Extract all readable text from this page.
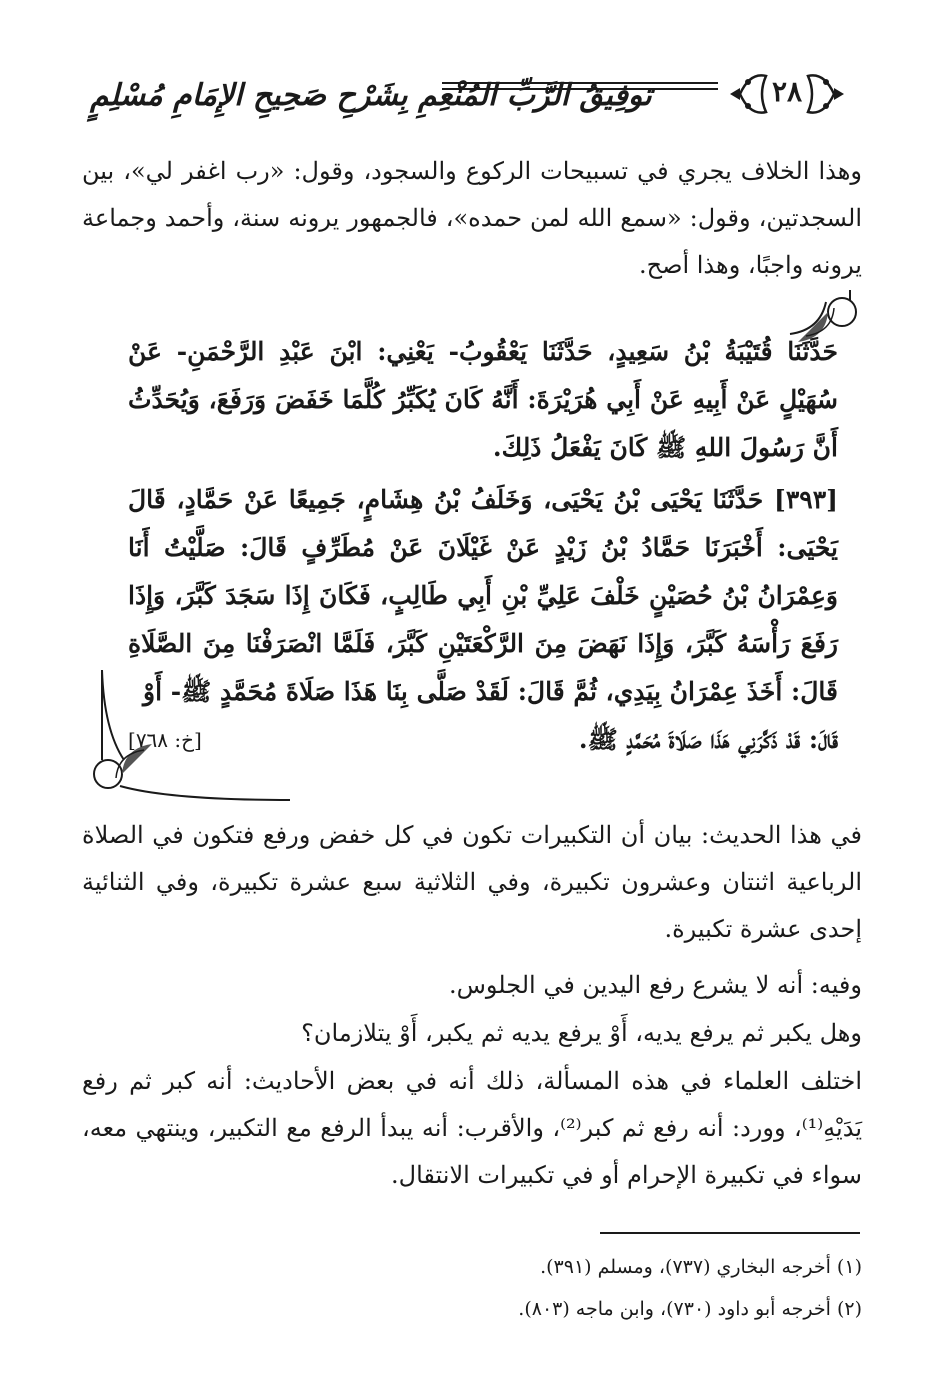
توفِيقُ الرَّبِّ المُنْعِمِ بِشَرْحِ صَحِيحِ الإِمَامِ مُسْلِمٍ	٢٨

وهذا الخلاف يجري في تسبيحات الركوع والسجود، وقول: «رب اغفر لي»، بين السجدتين، وقول: «سمع الله لمن حمده»، فالجمهور يرونه سنة، وأحمد وجماعة يرونه واجبًا، وهذا أصح.

حَدَّثَنَا قُتَيْبَةُ بْنُ سَعِيدٍ، حَدَّثَنَا يَعْقُوبُ- يَعْنِي: ابْنَ عَبْدِ الرَّحْمَنِ- عَنْ سُهَيْلٍ عَنْ أَبِيهِ عَنْ أَبِي هُرَيْرَةَ: أَنَّهُ كَانَ يُكَبِّرُ كُلَّمَا خَفَضَ وَرَفَعَ، وَيُحَدِّثُ أَنَّ رَسُولَ اللهِ ﷺ كَانَ يَفْعَلُ ذَلِكَ.

[٣٩٣] حَدَّثَنَا يَحْيَى بْنُ يَحْيَى، وَخَلَفُ بْنُ هِشَامٍ، جَمِيعًا عَنْ حَمَّادٍ، قَالَ يَحْيَى: أَخْبَرَنَا حَمَّادُ بْنُ زَيْدٍ عَنْ غَيْلَانَ عَنْ مُطَرِّفٍ قَالَ: صَلَّيْتُ أَنَا وَعِمْرَانُ بْنُ حُصَيْنٍ خَلْفَ عَلِيِّ بْنِ أَبِي طَالِبٍ، فَكَانَ إِذَا سَجَدَ كَبَّرَ، وَإِذَا رَفَعَ رَأْسَهُ كَبَّرَ، وَإِذَا نَهَضَ مِنَ الرَّكْعَتَيْنِ كَبَّرَ، فَلَمَّا انْصَرَفْنَا مِنَ الصَّلَاةِ قَالَ: أَخَذَ عِمْرَانُ بِيَدِي، ثُمَّ قَالَ: لَقَدْ صَلَّى بِنَا هَذَا صَلَاةَ مُحَمَّدٍ ﷺ- أَوْ

قَالَ: قَدْ ذَكَّرَنِي هَذَا صَلَاةَ مُحَمَّدٍ ﷺ.
[خ: ٧٦٨]

في هذا الحديث: بيان أن التكبيرات تكون في كل خفض ورفع فتكون في الصلاة الرباعية اثنتان وعشرون تكبيرة، وفي الثلاثية سبع عشرة تكبيرة، وفي الثنائية إحدى عشرة تكبيرة.

وفيه: أنه لا يشرع رفع اليدين في الجلوس.

وهل يكبر ثم يرفع يديه، أَوْ يرفع يديه ثم يكبر، أَوْ يتلازمان؟

اختلف العلماء في هذه المسألة، ذلك أنه في بعض الأحاديث: أنه كبر ثم رفع يَدَيْهِ⁽¹⁾، وورد: أنه رفع ثم كبر⁽²⁾، والأقرب: أنه يبدأ الرفع مع التكبير، وينتهي معه، سواء في تكبيرة الإحرام أو في تكبيرات الانتقال.

(١) أخرجه البخاري (٧٣٧)، ومسلم (٣٩١).
(٢) أخرجه أبو داود (٧٣٠)، وابن ماجه (٨٠٣).
